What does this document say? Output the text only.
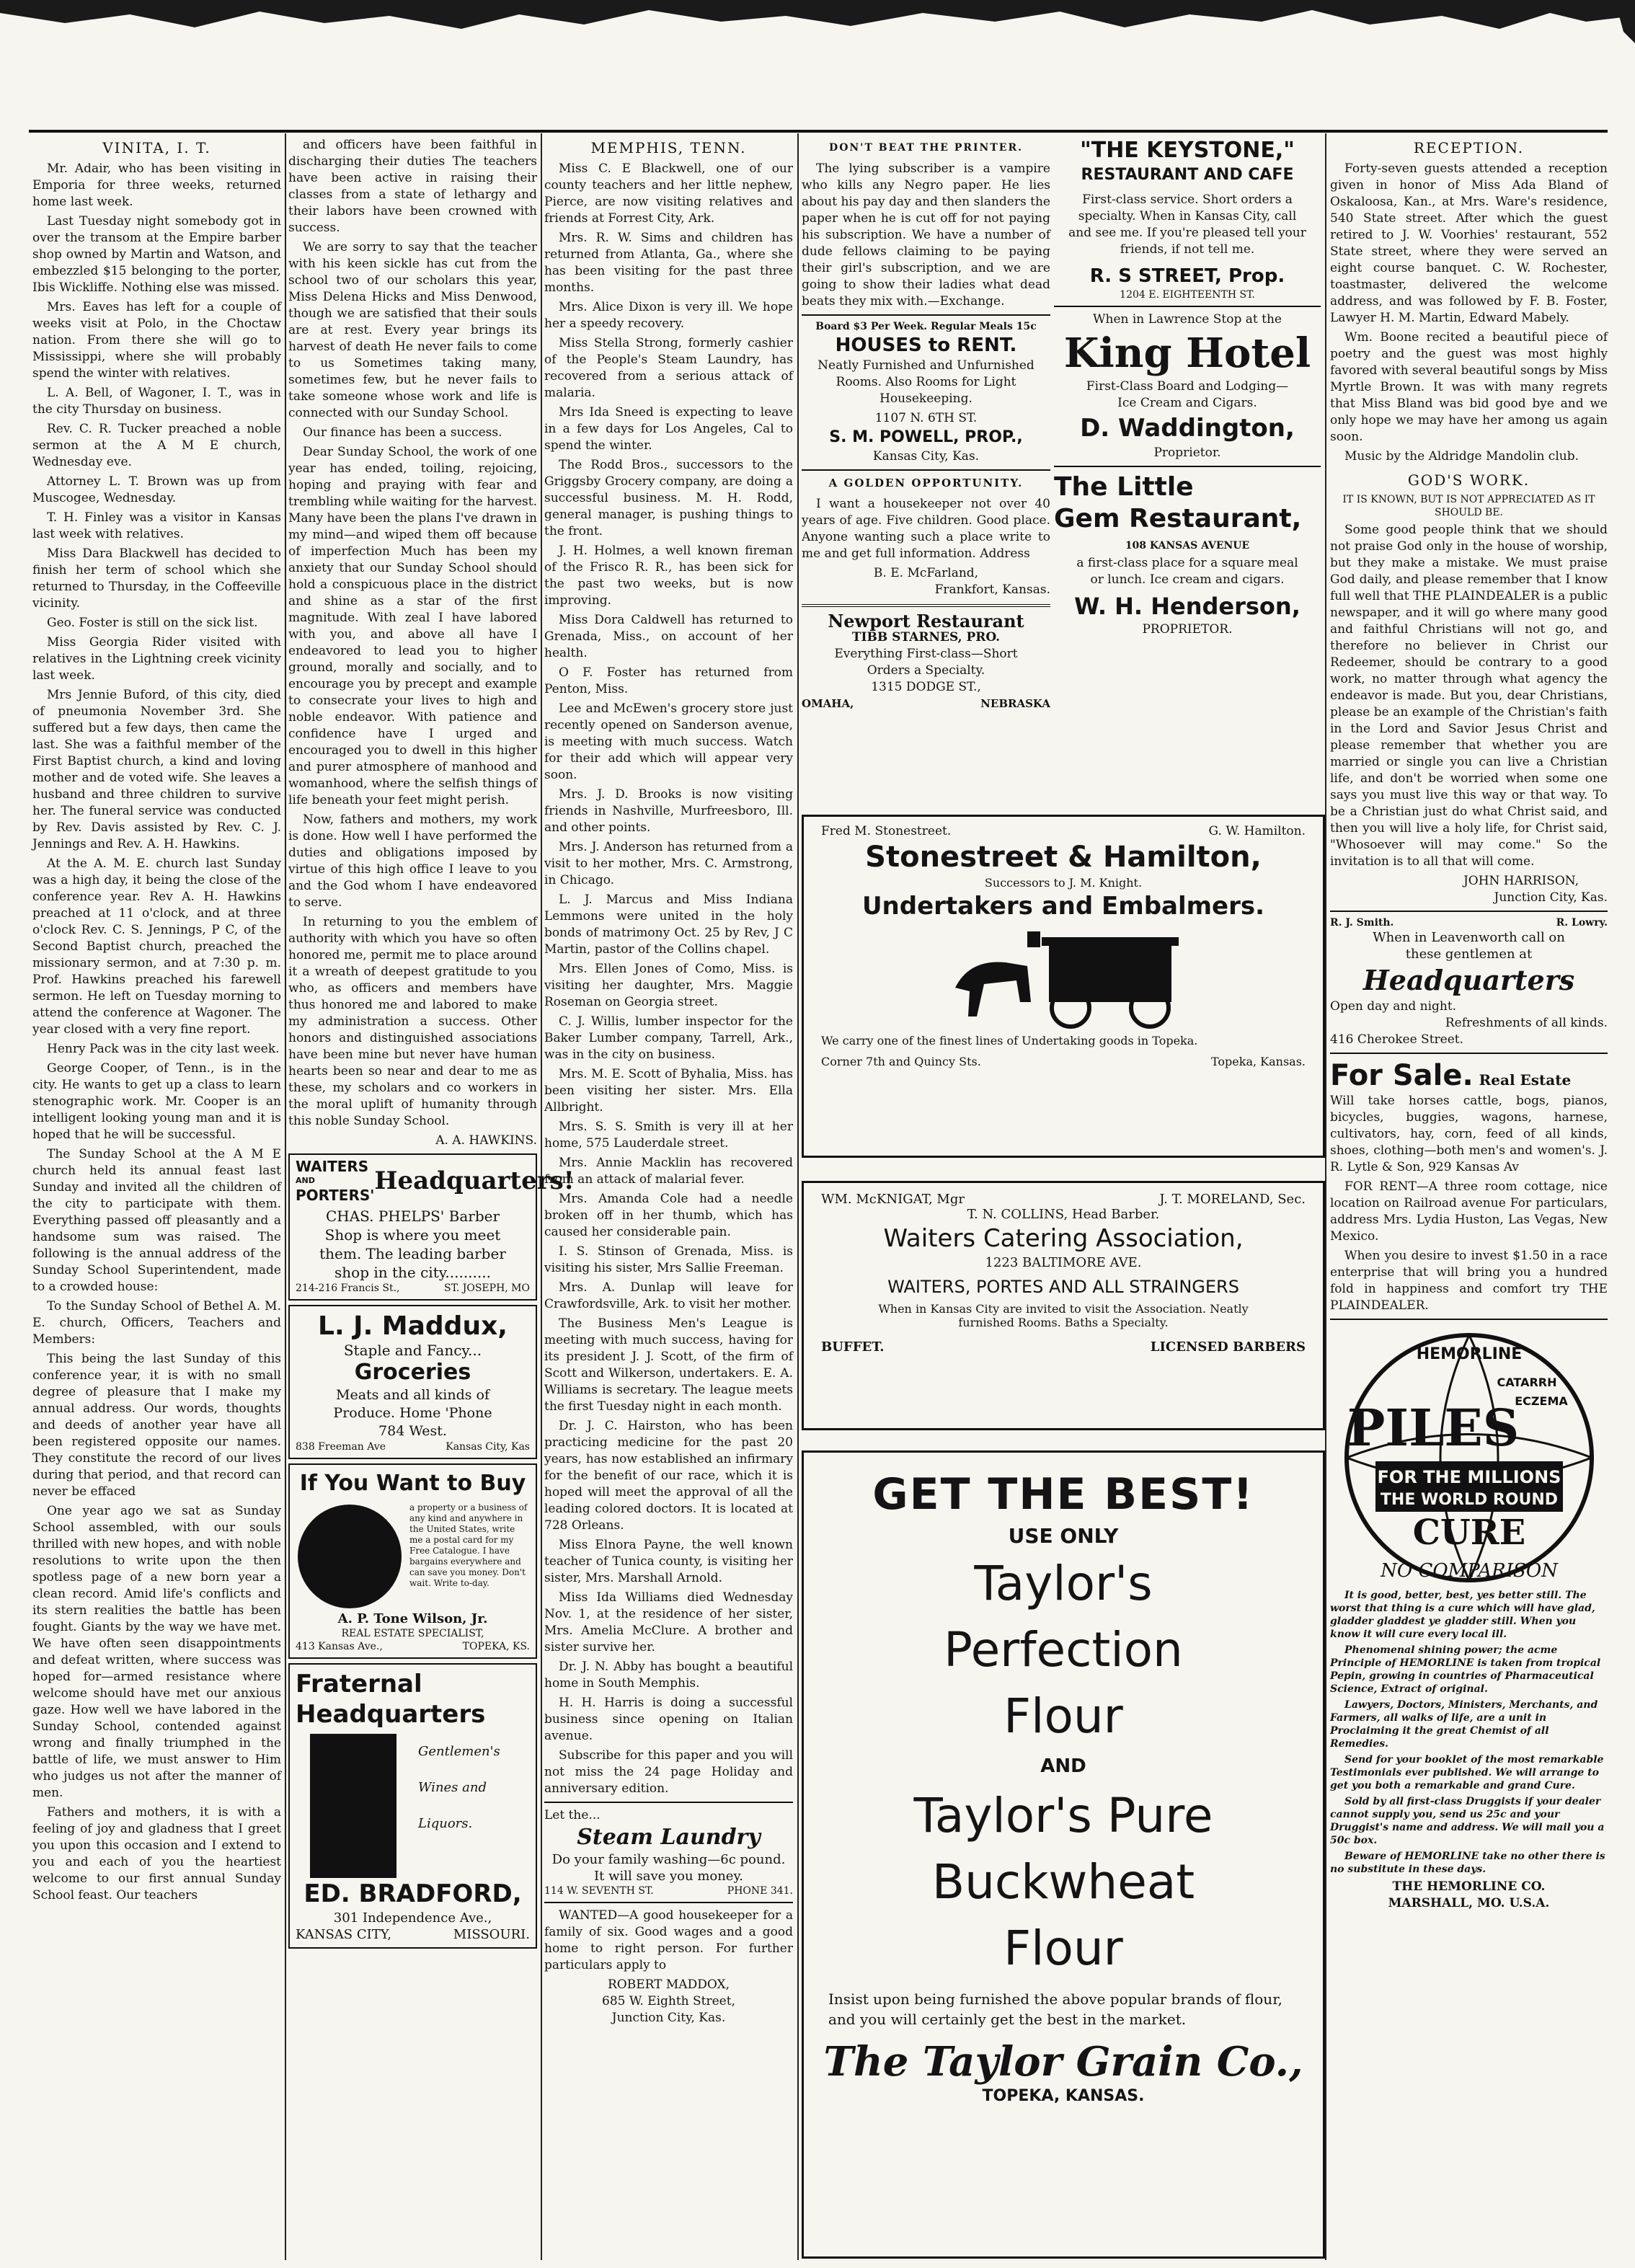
VINITA, I. T.

Mr. Adair, who has been visiting in Emporia for three weeks, returned home last week.

Last Tuesday night somebody got in over the transom at the Empire barber shop owned by Martin and Watson, and embezzled $15 belonging to the porter, Ibis Wickliffe. Nothing else was missed.

Mrs. Eaves has left for a couple of weeks visit at Polo, in the Choctaw nation. From there she will go to Mississippi, where she will probably spend the winter with relatives.

L. A. Bell, of Wagoner, I. T., was in the city Thursday on business.

Rev. C. R. Tucker preached a noble sermon at the A M E church, Wednesday eve.

Attorney L. T. Brown was up from Muscogee, Wednesday.

T. H. Finley was a visitor in Kansas last week with relatives.

Miss Dara Blackwell has decided to finish her term of school which she returned to Thursday, in the Coffeeville vicinity.

Geo. Foster is still on the sick list.

Miss Georgia Rider visited with relatives in the Lightning creek vicinity last week.

Mrs Jennie Buford, of this city, died of pneumonia November 3rd. She suffered but a few days, then came the last. She was a faithful member of the First Baptist church, a kind and loving mother and de voted wife. She leaves a husband and three children to survive her. The funeral service was conducted by Rev. Davis assisted by Rev. C. J. Jennings and Rev. A. H. Hawkins.

At the A. M. E. church last Sunday was a high day, it being the close of the conference year. Rev A. H. Hawkins preached at 11 o'clock, and at three o'clock Rev. C. S. Jennings, P C, of the Second Baptist church, preached the missionary sermon, and at 7:30 p. m. Prof. Hawkins preached his farewell sermon. He left on Tuesday morning to attend the conference at Wagoner. The year closed with a very fine report.

Henry Pack was in the city last week.

George Cooper, of Tenn., is in the city. He wants to get up a class to learn stenographic work. Mr. Cooper is an intelligent looking young man and it is hoped that he will be successful.

The Sunday School at the A M E church held its annual feast last Sunday and invited all the children of the city to participate with them. Everything passed off pleasantly and a handsome sum was raised. The following is the annual address of the Sunday School Superintendent, made to a crowded house:

To the Sunday School of Bethel A. M. E. church, Officers, Teachers and Members:

This being the last Sunday of this conference year, it is with no small degree of pleasure that I make my annual address. Our words, thoughts and deeds of another year have all been registered opposite our names. They constitute the record of our lives during that period, and that record can never be effaced

One year ago we sat as Sunday School assembled, with our souls thrilled with new hopes, and with noble resolutions to write upon the then spotless page of a new born year a clean record. Amid life's conflicts and its stern realities the battle has been fought. Giants by the way we have met. We have often seen disappointments and defeat written, where success was hoped for—armed resistance where welcome should have met our anxious gaze. How well we have labored in the Sunday School, contended against wrong and finally triumphed in the battle of life, we must answer to Him who judges us not after the manner of men.

Fathers and mothers, it is with a feeling of joy and gladness that I greet you upon this occasion and I extend to you and each of you the heartiest welcome to our first annual Sunday School feast. Our teachers

and officers have been faithful in discharging their duties The teachers have been active in raising their classes from a state of lethargy and their labors have been crowned with success.

We are sorry to say that the teacher with his keen sickle has cut from the school two of our scholars this year, Miss Delena Hicks and Miss Denwood, though we are satisfied that their souls are at rest. Every year brings its harvest of death He never fails to come to us Sometimes taking many, sometimes few, but he never fails to take someone whose work and life is connected with our Sunday School.

Our finance has been a success.

Dear Sunday School, the work of one year has ended, toiling, rejoicing, hoping and praying with fear and trembling while waiting for the harvest. Many have been the plans I've drawn in my mind—and wiped them off because of imperfection Much has been my anxiety that our Sunday School should hold a conspicuous place in the district and shine as a star of the first magnitude. With zeal I have labored with you, and above all have I endeavored to lead you to higher ground, morally and socially, and to encourage you by precept and example to consecrate your lives to high and noble endeavor. With patience and confidence have I urged and encouraged you to dwell in this higher and purer atmosphere of manhood and womanhood, where the selfish things of life beneath your feet might perish.

Now, fathers and mothers, my work is done. How well I have performed the duties and obligations imposed by virtue of this high office I leave to you and the God whom I have endeavored to serve.

In returning to you the emblem of authority with which you have so often honored me, permit me to place around it a wreath of deepest gratitude to you who, as officers and members have thus honored me and labored to make my administration a success. Other honors and distinguished associations have been mine but never have human hearts been so near and dear to me as these, my scholars and co workers in the moral uplift of humanity through this noble Sunday School.

A. A. HAWKINS.
WAITERS
AND
PORTERS'
Headquarters!
CHAS. PHELPS' Barber
Shop is where you meet
them. The leading barber
shop in the city..........
214-216 Francis St.,	ST. JOSEPH, MO
L. J. Maddux,
Staple and Fancy...
Groceries
Meats and all kinds of
Produce. Home 'Phone
784 West.
838 Freeman Ave	Kansas City, Kas
If You Want to Buy
a property or a business of any kind and anywhere in the United States, write me a postal card for my Free Catalogue. I have bargains everywhere and can save you money. Don't wait. Write to-day.
A. P. Tone Wilson, Jr.
REAL ESTATE SPECIALIST,
413 Kansas Ave.,	TOPEKA, KS.
Fraternal
Headquarters
Gentlemen's
Wines and
Liquors.
ED. BRADFORD,
301 Independence Ave.,
KANSAS CITY,	MISSOURI.
MEMPHIS, TENN.

Miss C. E Blackwell, one of our county teachers and her little nephew, Pierce, are now visiting relatives and friends at Forrest City, Ark.

Mrs. R. W. Sims and children has returned from Atlanta, Ga., where she has been visiting for the past three months.

Mrs. Alice Dixon is very ill. We hope her a speedy recovery.

Miss Stella Strong, formerly cashier of the People's Steam Laundry, has recovered from a serious attack of malaria.

Mrs Ida Sneed is expecting to leave in a few days for Los Angeles, Cal to spend the winter.

The Rodd Bros., successors to the Griggsby Grocery company, are doing a successful business. M. H. Rodd, general manager, is pushing things to the front.

J. H. Holmes, a well known fireman of the Frisco R. R., has been sick for the past two weeks, but is now improving.

Miss Dora Caldwell has returned to Grenada, Miss., on account of her health.

O F. Foster has returned from Penton, Miss.

Lee and McEwen's grocery store just recently opened on Sanderson avenue, is meeting with much success. Watch for their add which will appear very soon.

Mrs. J. D. Brooks is now visiting friends in Nashville, Murfreesboro, Ill. and other points.

Mrs. J. Anderson has returned from a visit to her mother, Mrs. C. Armstrong, in Chicago.

L. J. Marcus and Miss Indiana Lemmons were united in the holy bonds of matrimony Oct. 25 by Rev, J C Martin, pastor of the Collins chapel.

Mrs. Ellen Jones of Como, Miss. is visiting her daughter, Mrs. Maggie Roseman on Georgia street.

C. J. Willis, lumber inspector for the Baker Lumber company, Tarrell, Ark., was in the city on business.

Mrs. M. E. Scott of Byhalia, Miss. has been visiting her sister. Mrs. Ella Allbright.

Mrs. S. S. Smith is very ill at her home, 575 Lauderdale street.

Mrs. Annie Macklin has recovered from an attack of malarial fever.

Mrs. Amanda Cole had a needle broken off in her thumb, which has caused her considerable pain.

I. S. Stinson of Grenada, Miss. is visiting his sister, Mrs Sallie Freeman.

Mrs. A. Dunlap will leave for Crawfordsville, Ark. to visit her mother.

The Business Men's League is meeting with much success, having for its president J. J. Scott, of the firm of Scott and Wilkerson, undertakers. E. A. Williams is secretary. The league meets the first Tuesday night in each month.

Dr. J. C. Hairston, who has been practicing medicine for the past 20 years, has now established an infirmary for the benefit of our race, which it is hoped will meet the approval of all the leading colored doctors. It is located at 728 Orleans.

Miss Elnora Payne, the well known teacher of Tunica county, is visiting her sister, Mrs. Marshall Arnold.

Miss Ida Williams died Wednesday Nov. 1, at the residence of her sister, Mrs. Amelia McClure. A brother and sister survive her.

Dr. J. N. Abby has bought a beautiful home in South Memphis.

H. H. Harris is doing a successful business since opening on Italian avenue.

Subscribe for this paper and you will not miss the 24 page Holiday and anniversary edition.

Let the...
Steam Laundry
Do your family washing—6c pound.
It will save you money.
114 W. SEVENTH ST.	PHONE 341.

WANTED—A good housekeeper for a family of six. Good wages and a good home to right person. For further particulars apply to

ROBERT MADDOX,
685 W. Eighth Street,
Junction City, Kas.
DON'T BEAT THE PRINTER.

The lying subscriber is a vampire who kills any Negro paper. He lies about his pay day and then slanders the paper when he is cut off for not paying his subscription. We have a number of dude fellows claiming to be paying their girl's subscription, and we are going to show their ladies what dead beats they mix with.—Exchange.

Board $3 Per Week. Regular Meals 15c
HOUSES to RENT.
Neatly Furnished and Unfurnished Rooms. Also Rooms for Light Housekeeping.
1107 N. 6TH ST.
S. M. POWELL, PROP.,
Kansas City, Kas.
A GOLDEN OPPORTUNITY.

I want a housekeeper not over 40 years of age. Five children. Good place. Anyone wanting such a place write to me and get full information. Address

B. E. McFarland,
Frankfort, Kansas.
Newport Restaurant
TIBB STARNES, PRO.
Everything First-class—Short
Orders a Specialty.
1315 DODGE ST.,
OMAHA,	NEBRASKA
"THE KEYSTONE,"
RESTAURANT AND CAFE
First-class service. Short orders a specialty. When in Kansas City, call and see me. If you're pleased tell your friends, if not tell me.
R. S STREET, Prop.
1204 E. EIGHTEENTH ST.
When in Lawrence Stop at the
King Hotel
First-Class Board and Lodging—
Ice Cream and Cigars.
D. Waddington,
Proprietor.
The Little
Gem Restaurant,
108 KANSAS AVENUE
a first-class place for a square meal or lunch. Ice cream and cigars.
W. H. Henderson,
PROPRIETOR.
RECEPTION.

Forty-seven guests attended a reception given in honor of Miss Ada Bland of Oskaloosa, Kan., at Mrs. Ware's residence, 540 State street. After which the guest retired to J. W. Voorhies' restaurant, 552 State street, where they were served an eight course banquet. C. W. Rochester, toastmaster, delivered the welcome address, and was followed by F. B. Foster, Lawyer H. M. Martin, Edward Mabely.

Wm. Boone recited a beautiful piece of poetry and the guest was most highly favored with several beautiful songs by Miss Myrtle Brown. It was with many regrets that Miss Bland was bid good bye and we only hope we may have her among us again soon.

Music by the Aldridge Mandolin club.

GOD'S WORK.
IT IS KNOWN, BUT IS NOT APPRECIATED AS IT SHOULD BE.

Some good people think that we should not praise God only in the house of worship, but they make a mistake. We must praise God daily, and please remember that I know full well that THE PLAINDEALER is a public newspaper, and it will go where many good and faithful Christians will not go, and therefore no believer in Christ our Redeemer, should be contrary to a good work, no matter through what agency the endeavor is made. But you, dear Christians, please be an example of the Christian's faith in the Lord and Savior Jesus Christ and please remember that whether you are married or single you can live a Christian life, and don't be worried when some one says you must live this way or that way. To be a Christian just do what Christ said, and then you will live a holy life, for Christ said, "Whosoever will may come." So the invitation is to all that will come.

JOHN HARRISON,
Junction City, Kas.
R. J. Smith.	R. Lowry.
When in Leavenworth call on
these gentlemen at
Headquarters
Open day and night.
Refreshments of all kinds.
416 Cherokee Street.
For Sale. Real Estate

Will take horses cattle, bogs, pianos, bicycles, buggies, wagons, harnese, cultivators, hay, corn, feed of all kinds, shoes, clothing—both men's and women's. J. R. Lytle & Son, 929 Kansas Av

FOR RENT—A three room cottage, nice location on Railroad avenue For particulars, address Mrs. Lydia Huston, Las Vegas, New Mexico.

When you desire to invest $1.50 in a race enterprise that will bring you a hundred fold in happiness and comfort try THE PLAINDEALER.

HEMORLINE
CATARRH
ECZEMA
PILES
FOR THE MILLIONS
THE WORLD ROUND
CURE
NO COMPARISON

It is good, better, best, yes better still. The worst that thing is a cure which will have glad, gladder gladdest ye gladder still. When you know it will cure every local ill.

Phenomenal shining power; the acme Principle of HEMORLINE is taken from tropical Pepin, growing in countries of Pharmaceutical Science, Extract of original.

Lawyers, Doctors, Ministers, Merchants, and Farmers, all walks of life, are a unit in Proclaiming it the great Chemist of all Remedies.

Send for your booklet of the most remarkable Testimonials ever published. We will arrange to get you both a remarkable and grand Cure.

Sold by all first-class Druggists if your dealer cannot supply you, send us 25c and your Druggist's name and address. We will mail you a 50c box.

Beware of HEMORLINE take no other there is no substitute in these days.

THE HEMORLINE CO.
MARSHALL, MO. U.S.A.
Fred M. Stonestreet.	G. W. Hamilton.
Stonestreet & Hamilton,
Successors to J. M. Knight.
Undertakers and Embalmers.
We carry one of the finest lines of Undertaking goods in Topeka.
Corner 7th and Quincy Sts.	Topeka, Kansas.
WM. McKNIGAT, Mgr	J. T. MORELAND, Sec.
T. N. COLLINS, Head Barber.
Waiters Catering Association,
1223 BALTIMORE AVE.
WAITERS, PORTES AND ALL STRAINGERS
When in Kansas City are invited to visit the Association. Neatly furnished Rooms. Baths a Specialty.
BUFFET.	LICENSED BARBERS
GET THE BEST!
USE ONLY
Taylor's
Perfection
Flour
AND
Taylor's Pure
Buckwheat
Flour
Insist upon being furnished the above popular brands of flour, and you will certainly get the best in the market.
The Taylor Grain Co.,
TOPEKA, KANSAS.
